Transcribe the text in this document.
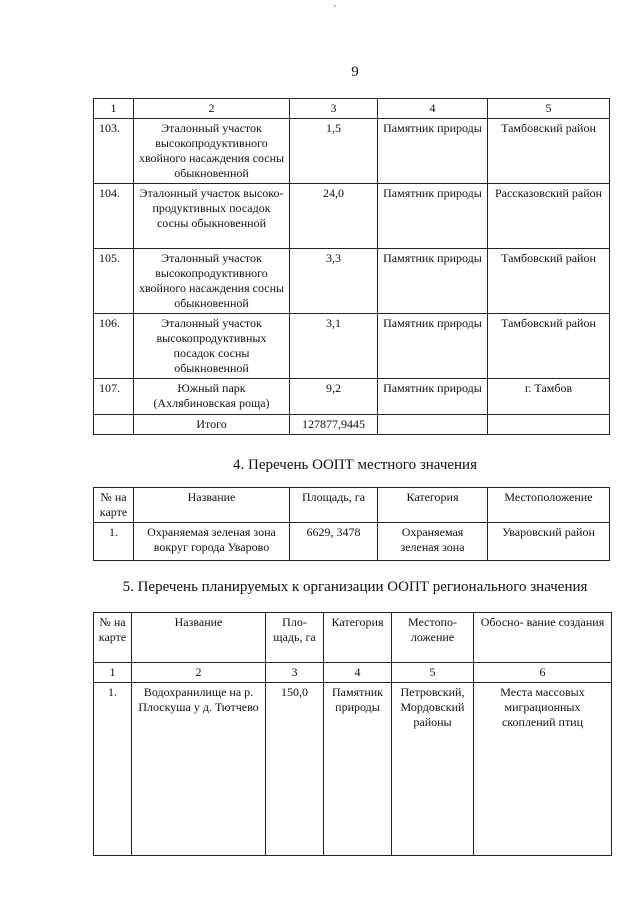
'
9
1	2	3	4	5
103.	Эталонный участок высокопродуктивного хвойного насаждения сосны обыкновенной	1,5	Памятник природы	Тамбовский район
104.	Эталонный участок высоко- продуктивных посадок сосны обыкновенной	24,0	Памятник природы	Рассказовский район
105.	Эталонный участок высокопродуктивного хвойного насаждения сосны обыкновенной	3,3	Памятник природы	Тамбовский район
106.	Эталонный участок высокопродуктивных посадок сосны обыкновенной	3,1	Памятник природы	Тамбовский район
107.	Южный парк (Ахлябиновская роща)	9,2	Памятник природы	г. Тамбов
	Итого	127877,9445		
4. Перечень ООПТ местного значения
№ на карте	Название	Площадь, га	Категория	Местоположение
1.	Охраняемая зеленая зона вокруг города Уварово	6629, 3478	Охраняемая зеленая зона	Уваровский район
5. Перечень планируемых к организации ООПТ регионального значения
№ на карте	Название	Пло- щадь, га	Категория	Местопо- ложение	Обосно- вание создания
1	2	3	4	5	6
1.	Водохранилище на р. Плоскуша у д. Тютчево	150,0	Памятник природы	Петровский, Мордовский районы	Места массовых миграционных скоплений птиц
